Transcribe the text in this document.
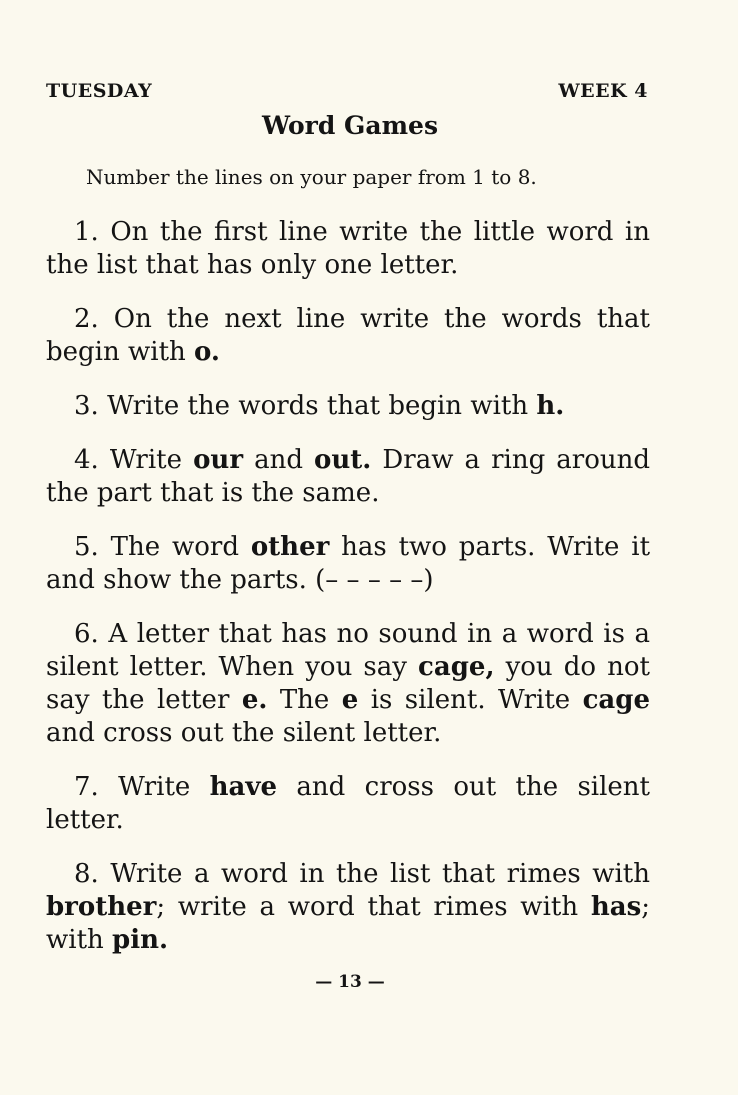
TUESDAY	WEEK 4
Word Games
Number the lines on your paper from 1 to 8.

1. On the first line write the little word in the list that has only one letter.

2. On the next line write the words that begin with o.

3. Write the words that begin with h.

4. Write our and out. Draw a ring around the part that is the same.

5. The word other has two parts. Write it and show the parts. (– – – – –)

6. A letter that has no sound in a word is a silent letter. When you say cage, you do not say the letter e. The e is silent. Write cage and cross out the silent letter.

7. Write have and cross out the silent letter.

8. Write a word in the list that rimes with brother; write a word that rimes with has; with pin.

— 13 —
